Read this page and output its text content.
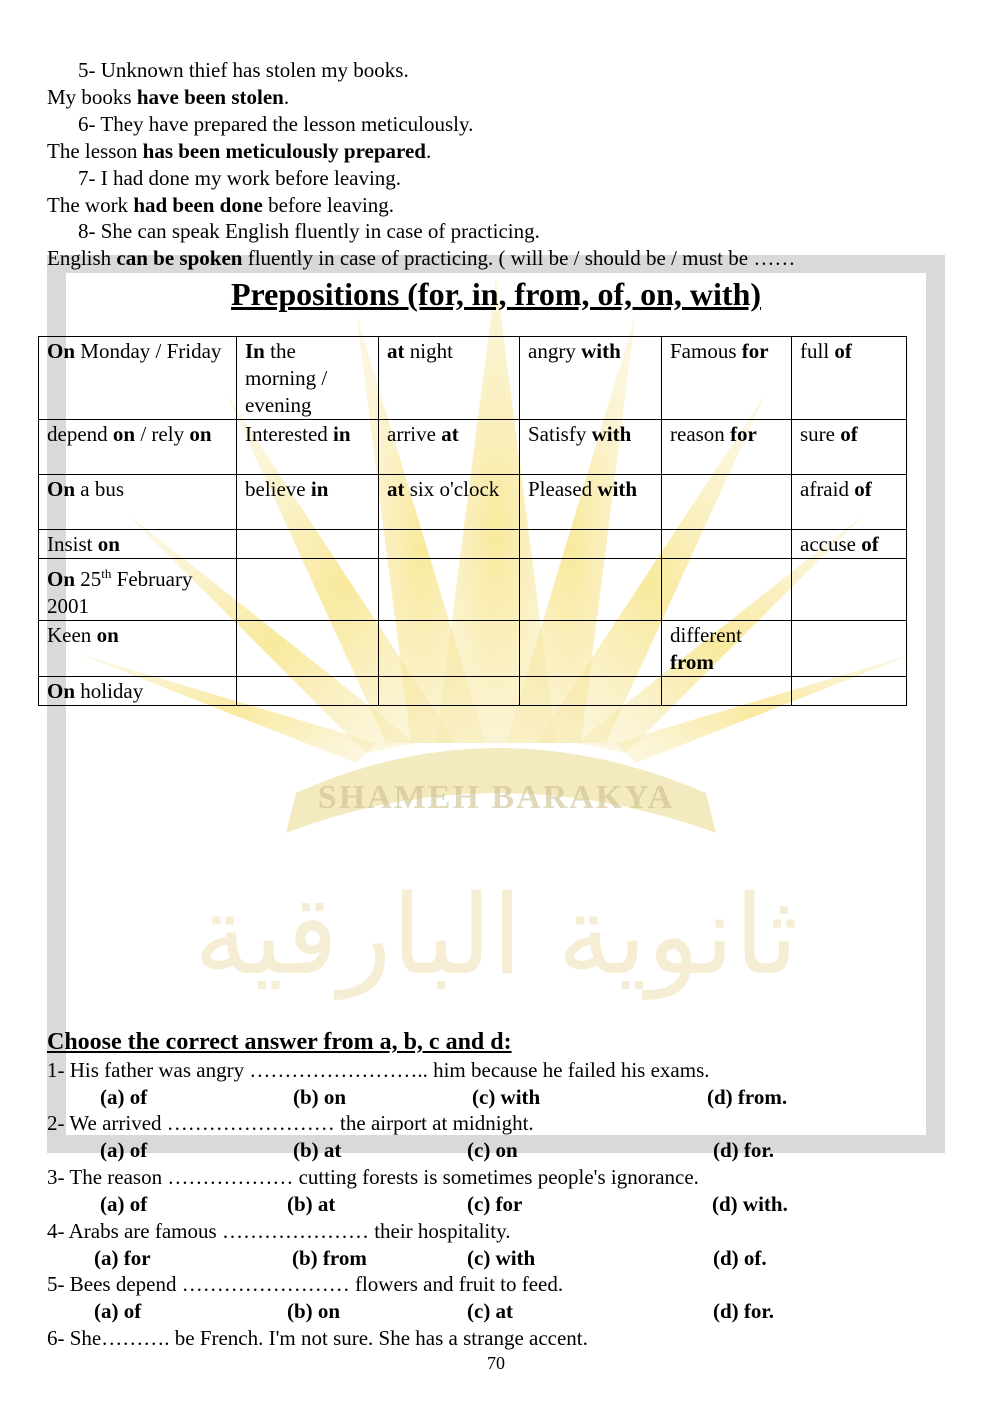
SHAMEH BARAKYA
ثانوية البارقية
5- Unknown thief has stolen my books.
My books have been stolen.
6- They have prepared the lesson meticulously.
The lesson has been meticulously prepared.
7- I had done my work before leaving.
The work had been done before leaving.
8- She can speak English fluently in case of practicing.
English can be spoken fluently in case of practicing. ( will be / should be / must be ……
Prepositions (for, in, from, of, on, with)
On Monday / Friday	In the morning / evening	at night	angry with	Famous for	full of
depend on / rely on	Interested in	arrive at	Satisfy with	reason for	sure of
On a bus	believe in	at six o'clock	Pleased with		afraid of
Insist on					accuse of
On 25th February 2001					
Keen on				different from	
On holiday					
Choose the correct answer from a, b, c and d:
1- His father was angry …………………….. him because he failed his exams.
(a) of	(b) on	(c) with	(d) from.
2- We arrived …………………… the airport at midnight.
(a) of	(b) at	(c) on	(d) for.
3- The reason ……………… cutting forests is sometimes people's ignorance.
(a) of	(b) at	(c) for	(d) with.
4- Arabs are famous ………………… their hospitality.
(a) for	(b) from	(c) with	(d) of.
5- Bees depend …………………… flowers and fruit to feed.
(a) of	(b) on	(c) at	(d) for.
6- She………. be French. I'm not sure. She has a strange accent.
70
